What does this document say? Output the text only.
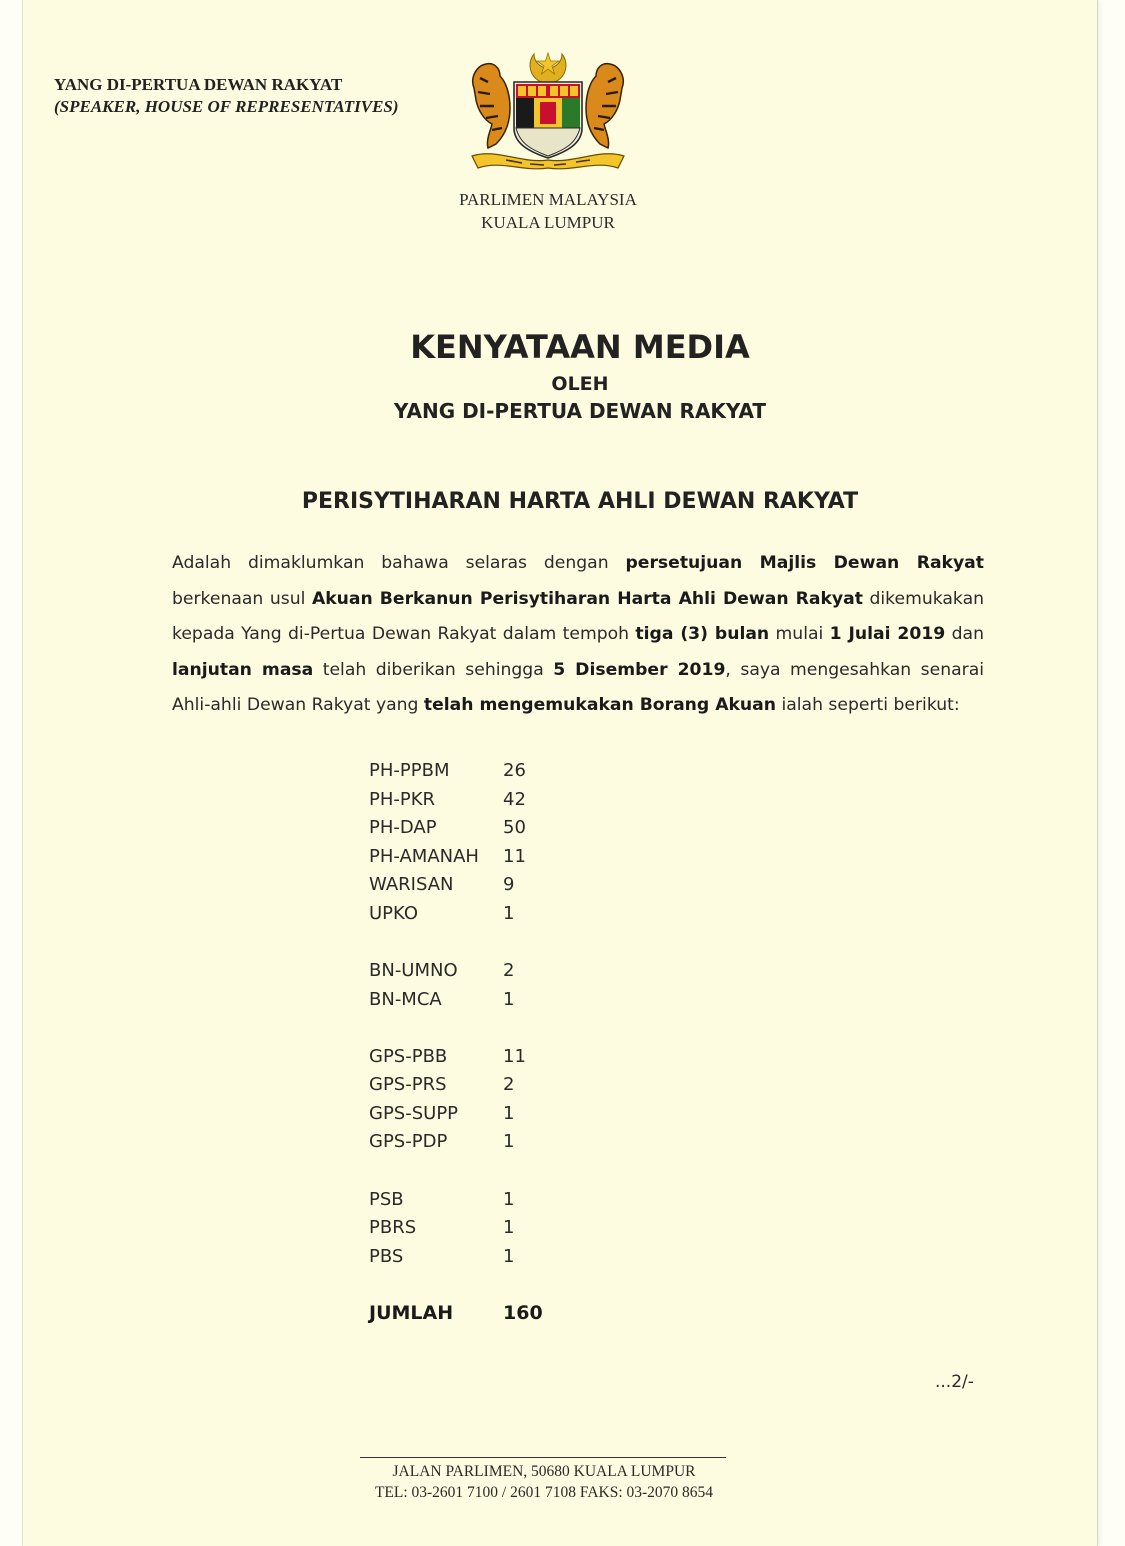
YANG DI-PERTUA DEWAN RAKYAT
(SPEAKER, HOUSE OF REPRESENTATIVES)
PARLIMEN MALAYSIA
KUALA LUMPUR
KENYATAAN MEDIA
OLEH
YANG DI-PERTUA DEWAN RAKYAT
PERISYTIHARAN HARTA AHLI DEWAN RAKYAT
Adalah dimaklumkan bahawa selaras dengan persetujuan Majlis Dewan Rakyat berkenaan usul Akuan Berkanun Perisytiharan Harta Ahli Dewan Rakyat dikemukakan kepada Yang di-Pertua Dewan Rakyat dalam tempoh tiga (3) bulan mulai 1 Julai 2019 dan lanjutan masa telah diberikan sehingga 5 Disember 2019, saya mengesahkan senarai Ahli-ahli Dewan Rakyat yang telah mengemukakan Borang Akuan ialah seperti berikut:
PH-PPBM	26
PH-PKR	42
PH-DAP	50
PH-AMANAH 11
WARISAN	9
UPKO	1
BN-UMNO	2
BN-MCA	1
GPS-PBB	11
GPS-PRS	2
GPS-SUPP 1
GPS-PDP	1
PSB	1
PBRS	1
PBS	1
JUMLAH	160
...2/-
JALAN PARLIMEN, 50680 KUALA LUMPUR
TEL: 03-2601 7100 / 2601 7108 FAKS: 03-2070 8654
